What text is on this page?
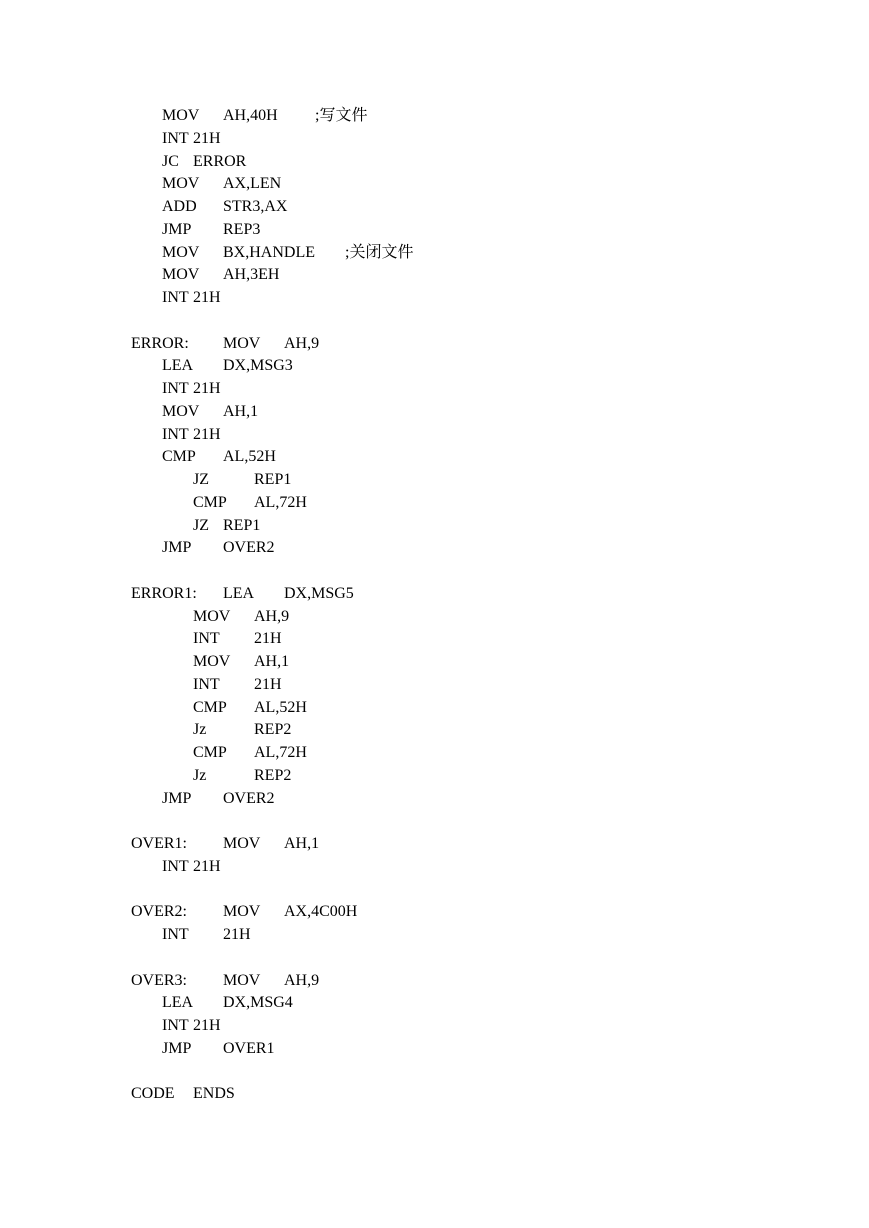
MOV AH,40H ;写文件
INT 21H
JC ERROR
MOV AX,LEN
ADD STR3,AX
JMP REP3
MOV BX,HANDLE ;关闭文件
MOV AH,3EH
INT 21H
ERROR: MOV AH,9
LEA DX,MSG3
INT 21H
MOV AH,1
INT 21H
CMP AL,52H
JZ	REP1
CMP AL,72H
JZ REP1
JMP OVER2
ERROR1: LEA DX,MSG5
MOV AH,9
INT 21H
MOV AH,1
INT 21H
CMP AL,52H
Jz	REP2
CMP AL,72H
Jz	REP2
JMP OVER2
OVER1: MOV AH,1
INT 21H
OVER2: MOV AX,4C00H
INT 21H
OVER3: MOV AH,9
LEA DX,MSG4
INT 21H
JMP OVER1
CODE ENDS
